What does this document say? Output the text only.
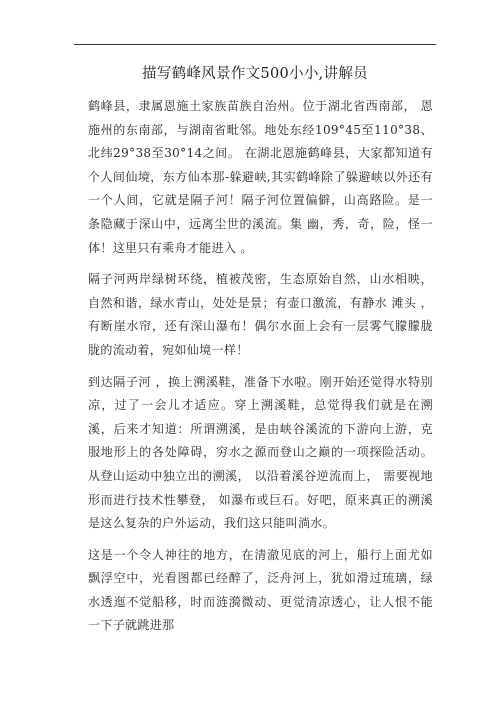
描写鹤峰风景作文500小小,讲解员

鹤峰县，隶属恩施土家族苗族自治州。位于湖北省西南部， 恩施州的东南部，与湖南省毗邻。地处东经109°45至110°38、北纬29°38至30°14之间。 在湖北恩施鹤峰县，大家都知道有个人间仙境，东方仙本那-躲避峡,其实鹤峰除了躲避峡以外还有一个人间，它就是隔子河！隔子河位置偏僻，山高路险。是一条隐藏于深山中，远离尘世的溪流。集 幽，秀，奇，险，怪一体！这里只有乘舟才能进入 。

隔子河两岸绿树环绕，植被茂密，生态原始自然，山水相映，自然和谐，绿水青山，处处是景；有壶口激流，有静水 滩头 ，有断崖水帘，还有深山瀑布！偶尔水面上会有一层雾气朦朦胧胧的流动着，宛如仙境一样！

到达隔子河 ，换上溯溪鞋，准备下水啦。刚开始还觉得水特别凉，过了一会儿才适应。穿上溯溪鞋，总觉得我们就是在溯溪，后来才知道：所谓溯溪，是由峡谷溪流的下游向上游，克服地形上的各处障碍，穷水之源而登山之巅的一项探险活动。从登山运动中独立出的溯溪， 以沿着溪谷逆流而上， 需要视地形而进行技术性攀登， 如瀑布或巨石。好吧，原来真正的溯溪是这么复杂的户外运动，我们这只能叫淌水。

这是一个令人神往的地方，在清澈见底的河上，船行上面尤如飘浮空中，光看图都已经醉了，泛舟河上，犹如滑过琉璃，绿水透迤不觉船移，时而涟漪微动、更觉清凉透心，让人恨不能一下子就跳进那
